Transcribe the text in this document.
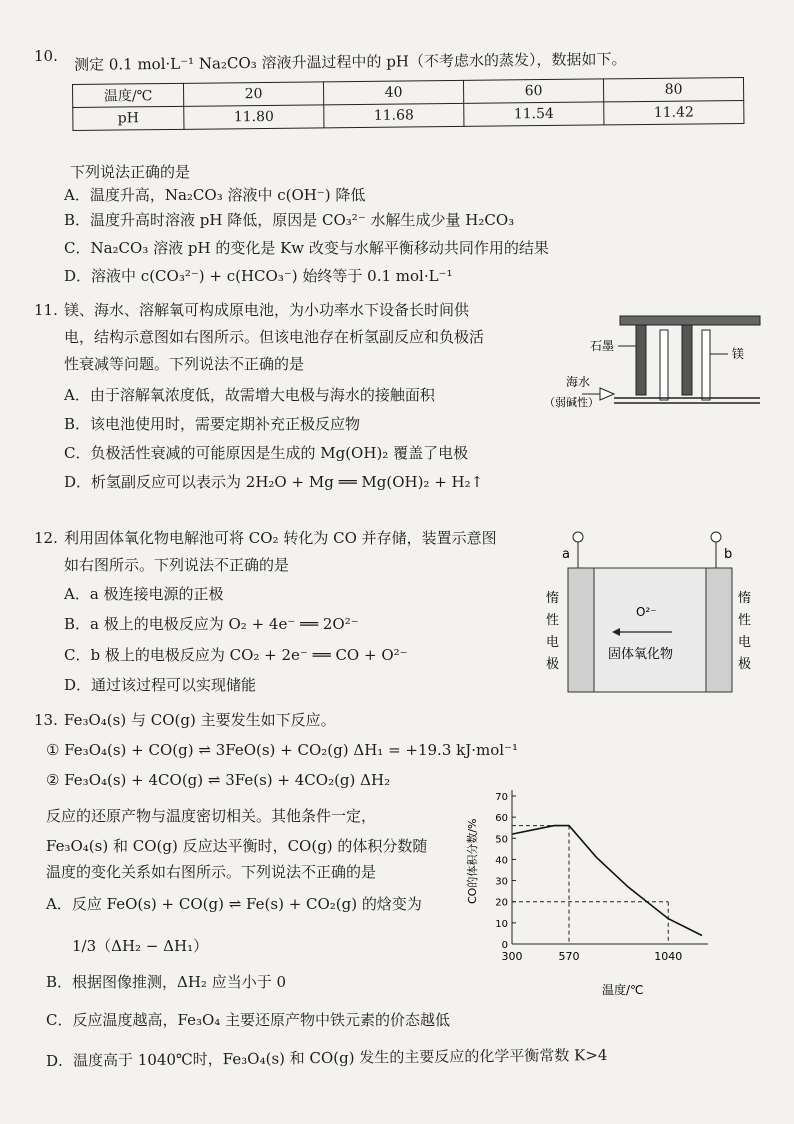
10. 测定 0.1 mol·L⁻¹ Na₂CO₃ 溶液升温过程中的 pH（不考虑水的蒸发），数据如下。
温度/℃	20	40	60	80
pH	11.80	11.68	11.54	11.42
下列说法正确的是
A．温度升高，Na₂CO₃ 溶液中 c(OH⁻) 降低
B．温度升高时溶液 pH 降低，原因是 CO₃²⁻ 水解生成少量 H₂CO₃
C．Na₂CO₃ 溶液 pH 的变化是 Kw 改变与水解平衡移动共同作用的结果
D．溶液中 c(CO₃²⁻) + c(HCO₃⁻) 始终等于 0.1 mol·L⁻¹
11. 镁、海水、溶解氧可构成原电池，为小功率水下设备长时间供
电，结构示意图如右图所示。但该电池存在析氢副反应和负极活
性衰减等问题。下列说法不正确的是
A．由于溶解氧浓度低，故需增大电极与海水的接触面积
B．该电池使用时，需要定期补充正极反应物
C．负极活性衰减的可能原因是生成的 Mg(OH)₂ 覆盖了电极
D．析氢副反应可以表示为 2H₂O + Mg ══ Mg(OH)₂ + H₂↑
石墨
镁
海水
（弱碱性）
12. 利用固体氧化物电解池可将 CO₂ 转化为 CO 并存储，装置示意图
如右图所示。下列说法不正确的是
A．a 极连接电源的正极
B．a 极上的电极反应为 O₂ + 4e⁻ ══ 2O²⁻
C．b 极上的电极反应为 CO₂ + 2e⁻ ══ CO + O²⁻
D．通过该过程可以实现储能
a	b
惰
性
电
极
惰
性
电
极
O²⁻
固体氧化物
13. Fe₃O₄(s) 与 CO(g) 主要发生如下反应。
① Fe₃O₄(s) + CO(g) ⇌ 3FeO(s) + CO₂(g) ΔH₁ = +19.3 kJ·mol⁻¹
② Fe₃O₄(s) + 4CO(g) ⇌ 3Fe(s) + 4CO₂(g) ΔH₂
反应的还原产物与温度密切相关。其他条件一定，
Fe₃O₄(s) 和 CO(g) 反应达平衡时，CO(g) 的体积分数随
温度的变化关系如右图所示。下列说法不正确的是
A．反应 FeO(s) + CO(g) ⇌ Fe(s) + CO₂(g) 的焓变为
1/3（ΔH₂ − ΔH₁）
B．根据图像推测，ΔH₂ 应当小于 0
C．反应温度越高，Fe₃O₄ 主要还原产物中铁元素的价态越低
D．温度高于 1040℃时，Fe₃O₄(s) 和 CO(g) 发生的主要反应的化学平衡常数 K>4
0
10
20
30
40
50
60
70
300	570	1040
CO的体积分数/%
温度/℃
